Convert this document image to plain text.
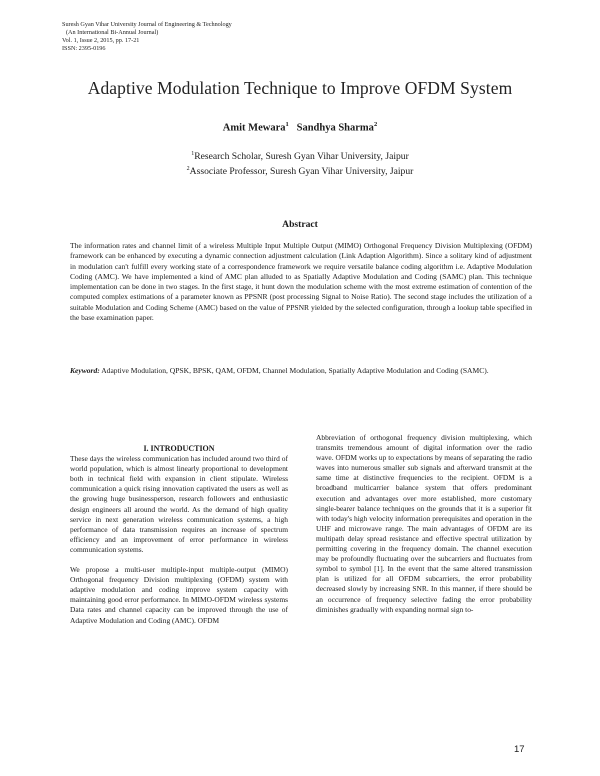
Suresh Gyan Vihar University Journal of Engineering & Technology
(An International Bi-Annual Journal)
Vol. 1, Issue 2, 2015, pp. 17-21
ISSN: 2395-0196
Adaptive Modulation Technique to Improve OFDM System
Amit Mewara$^1$ Sandhya Sharma$^2$
$^1$Research Scholar, Suresh Gyan Vihar University, Jaipur
$^2$Associate Professor, Suresh Gyan Vihar University, Jaipur
Abstract
The information rates and channel limit of a wireless Multiple Input Multiple Output (MIMO) Orthogonal Frequency Division Multiplexing (OFDM) framework can be enhanced by executing a dynamic connection adjustment calculation (Link Adaption Algorithm). Since a solitary kind of adjustment in modulation can't fulfill every working state of a correspondence framework we require versatile balance coding algorithm i.e. Adaptive Modulation Coding (AMC). We have implemented a kind of AMC plan alluded to as Spatially Adaptive Modulation and Coding (SAMC) plan. This technique implementation can be done in two stages. In the first stage, it hunt down the modulation scheme with the most extreme estimation of contention of the computed complex estimations of a parameter known as PPSNR (post processing Signal to Noise Ratio). The second stage includes the utilization of a suitable Modulation and Coding Scheme (AMC) based on the value of PPSNR yielded by the selected configuration, through a lookup table specified in the base examination paper.
Keyword: Adaptive Modulation, QPSK, BPSK, QAM, OFDM, Channel Modulation, Spatially Adaptive Modulation and Coding (SAMC).
I. INTRODUCTION

These days the wireless communication has included around two third of world population, which is almost linearly proportional to development both in technical field with expansion in client stipulate. Wireless communication a quick rising innovation captivated the users as well as the growing huge businessperson, research followers and enthusiastic design engineers all around the world. As the demand of high quality service in next generation wireless communication systems, a high performance of data transmission requires an increase of spectrum efficiency and an improvement of error performance in wireless communication systems.

We propose a multi-user multiple-input multiple-output (MIMO) Orthogonal frequency Division multiplexing (OFDM) system with adaptive modulation and coding improve system capacity with maintaining good error performance. In MIMO-OFDM wireless systems Data rates and channel capacity can be improved through the use of Adaptive Modulation and Coding (AMC). OFDM

Abbreviation of orthogonal frequency division multiplexing, which transmits tremendous amount of digital information over the radio wave. OFDM works up to expectations by means of separating the radio waves into numerous smaller sub signals and afterward transmit at the same time at distinctive frequencies to the recipient. OFDM is a broadband multicarrier balance system that offers predominant execution and advantages over more established, more customary single-bearer balance techniques on the grounds that it is a superior fit with today's high velocity information prerequisites and operation in the UHF and microwave range. The main advantages of OFDM are its multipath delay spread resistance and effective spectral utilization by permitting covering in the frequency domain. The channel execution may be profoundly fluctuating over the subcarriers and fluctuates from symbol to symbol [1]. In the event that the same altered transmission plan is utilized for all OFDM subcarriers, the error probability decreased slowly by increasing SNR. In this manner, if there should be an occurrence of frequency selective fading the error probability diminishes gradually with expanding normal sign to-

17
